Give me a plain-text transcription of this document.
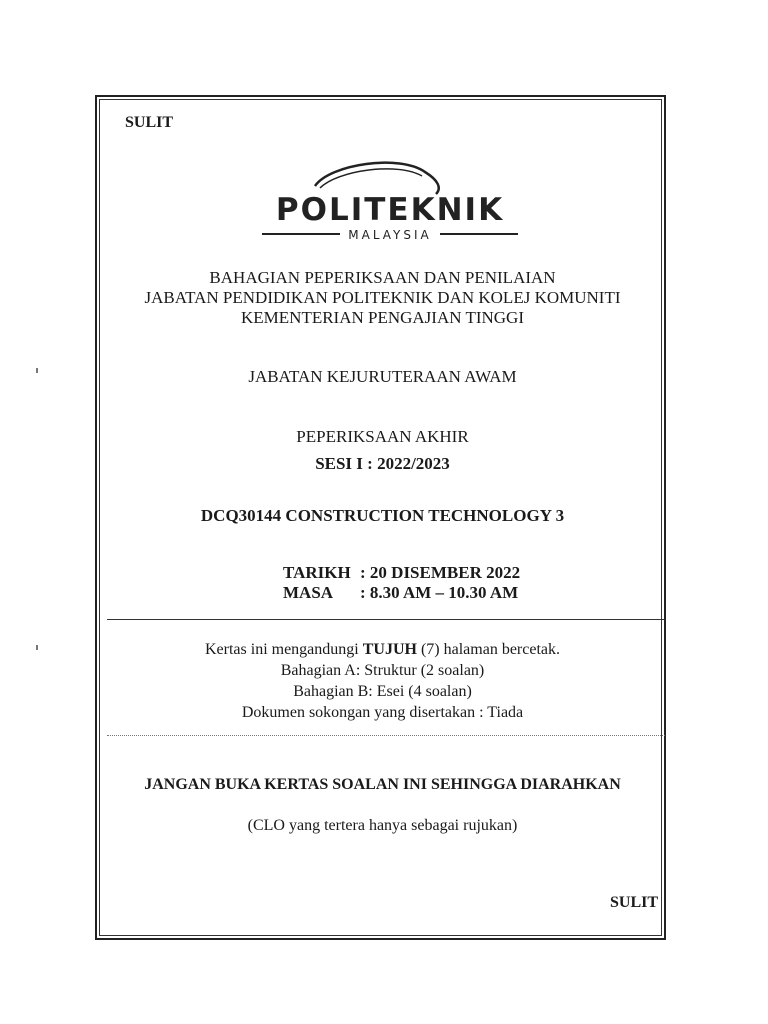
SULIT
POLITEKNIK
MALAYSIA
BAHAGIAN PEPERIKSAAN DAN PENILAIAN
JABATAN PENDIDIKAN POLITEKNIK DAN KOLEJ KOMUNITI
KEMENTERIAN PENGAJIAN TINGGI
JABATAN KEJURUTERAAN AWAM
PEPERIKSAAN AKHIR
SESI I : 2022/2023
DCQ30144 CONSTRUCTION TECHNOLOGY 3
TARIKH : 20 DISEMBER 2022
MASA : 8.30 AM – 10.30 AM
Kertas ini mengandungi TUJUH (7) halaman bercetak.
Bahagian A: Struktur (2 soalan)
Bahagian B: Esei (4 soalan)
Dokumen sokongan yang disertakan : Tiada
JANGAN BUKA KERTAS SOALAN INI SEHINGGA DIARAHKAN
(CLO yang tertera hanya sebagai rujukan)
SULIT
